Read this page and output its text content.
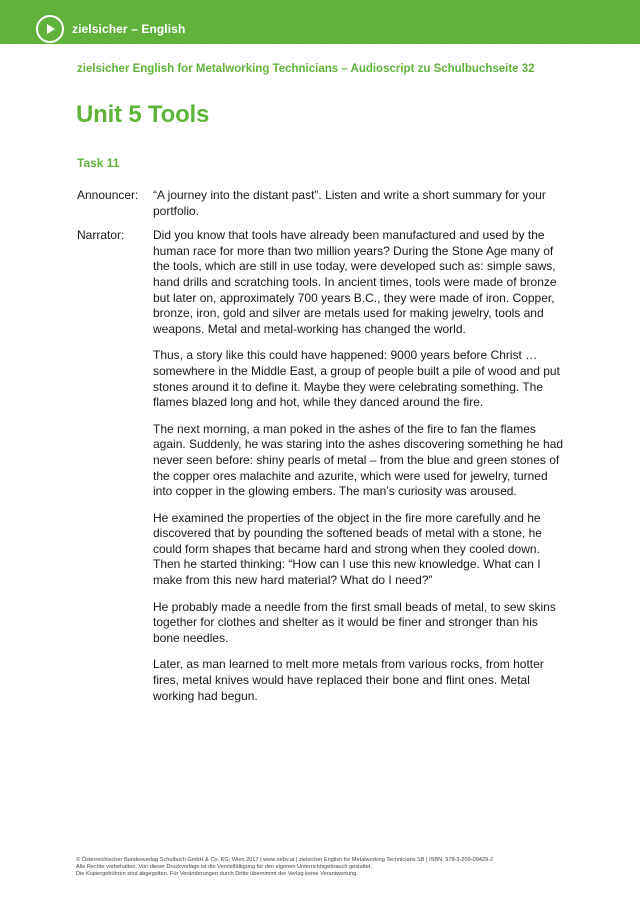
zielsicher – English
zielsicher English for Metalworking Technicians – Audioscript zu Schulbuchseite 32
Unit 5 Tools
Task 11
Announcer:	“A journey into the distant past”. Listen and write a short summary for your portfolio.

Narrator:	Did you know that tools have already been manufactured and used by the human race for more than two million years? During the Stone Age many of the tools, which are still in use today, were developed such as: simple saws, hand drills and scratching tools. In ancient times, tools were made of bronze but later on, approximately 700 years B.C., they were made of iron. Copper, bronze, iron, gold and silver are metals used for making jewelry, tools and weapons. Metal and metal-working has changed the world.

Thus, a story like this could have happened: 9000 years before Christ … somewhere in the Middle East, a group of people built a pile of wood and put stones around it to define it. Maybe they were celebrating something. The flames blazed long and hot, while they danced around the fire.

The next morning, a man poked in the ashes of the fire to fan the flames again. Suddenly, he was staring into the ashes discovering something he had never seen before: shiny pearls of metal – from the blue and green stones of the copper ores malachite and azurite, which were used for jewelry, turned into copper in the glowing embers. The man’s curiosity was aroused.

He examined the properties of the object in the fire more carefully and he discovered that by pounding the softened beads of metal with a stone, he could form shapes that became hard and strong when they cooled down. Then he started thinking: “How can I use this new knowledge. What can I make from this new hard material? What do I need?”

He probably made a needle from the first small beads of metal, to sew skins together for clothes and shelter as it would be finer and stronger than his bone needles.

Later, as man learned to melt more metals from various rocks, from hotter fires, metal knives would have replaced their bone and flint ones. Metal working had begun.

© Österreichischer Bundesverlag Schulbuch GmbH & Co. KG, Wien 2017 | www.oebv.at | zielsicher English for Metalworking Technicians SB | ISBN: 978-3-209-09429-2
Alle Rechte vorbehalten. Von dieser Druckvorlage ist die Vervielfältigung für den eigenen Unterrichtsgebrauch gestattet.
Die Kopiergebühren sind abgegolten. Für Veränderungen durch Dritte übernimmt der Verlag keine Verantwortung.
